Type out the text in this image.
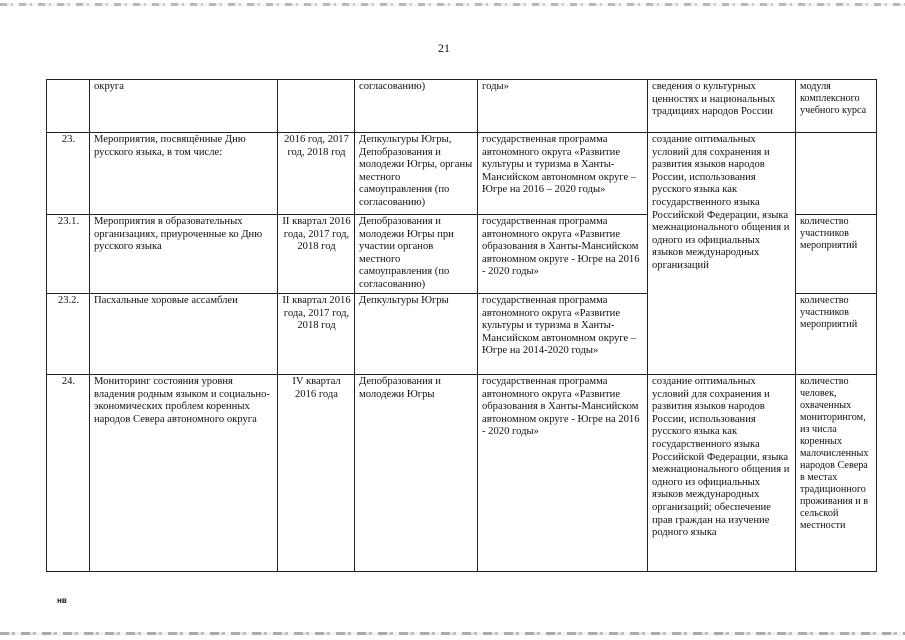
21
	округа		согласованию)	годы»	сведения о культурных ценностях и национальных традициях народов России	модуля комплексного учебного курса
23.	Мероприятия, посвящённые Дню русского языка, в том числе:	2016 год, 2017 год, 2018 год	Депкультуры Югры, Депобразования и молодежи Югры, органы местного самоуправления (по согласованию)	государственная программа автономного округа «Развитие культуры и туризма в Ханты-Мансийском автономном округе – Югре на 2016 – 2020 годы»	создание оптимальных условий для сохранения и развития языков народов России, использования русского языка как государственного языка Российской Федерации, языка межнационального общения и одного из официальных языков международных организаций	
23.1.	Мероприятия в образовательных организациях, приуроченные ко Дню русского языка	II квартал 2016 года, 2017 год, 2018 год	Депобразования и молодежи Югры при участии органов местного самоуправления (по согласованию)	государственная программа автономного округа «Развитие образования в Ханты-Мансийском автономном округе - Югре на 2016 - 2020 годы»		количество участников мероприятий
23.2.	Пасхальные хоровые ассамблеи	II квартал 2016 года, 2017 год, 2018 год	Депкультуры Югры	государственная программа автономного округа «Развитие культуры и туризма в Ханты-Мансийском автономном округе – Югре на 2014-2020 годы»		количество участников мероприятий
24.	Мониторинг состояния уровня владения родным языком и социально-экономических проблем коренных народов Севера автономного округа	IV квартал 2016 года	Депобразования и молодежи Югры	государственная программа автономного округа «Развитие образования в Ханты-Мансийском автономном округе - Югре на 2016 - 2020 годы»	создание оптимальных условий для сохранения и развития языков народов России, использования русского языка как государственного языка Российской Федерации, языка межнационального общения и одного из официальных языков международных организаций; обеспечение прав граждан на изучение родного языка	количество человек, охваченных мониторингом, из числа коренных малочисленных народов Севера в местах традиционного проживания и в сельской местности
нв
